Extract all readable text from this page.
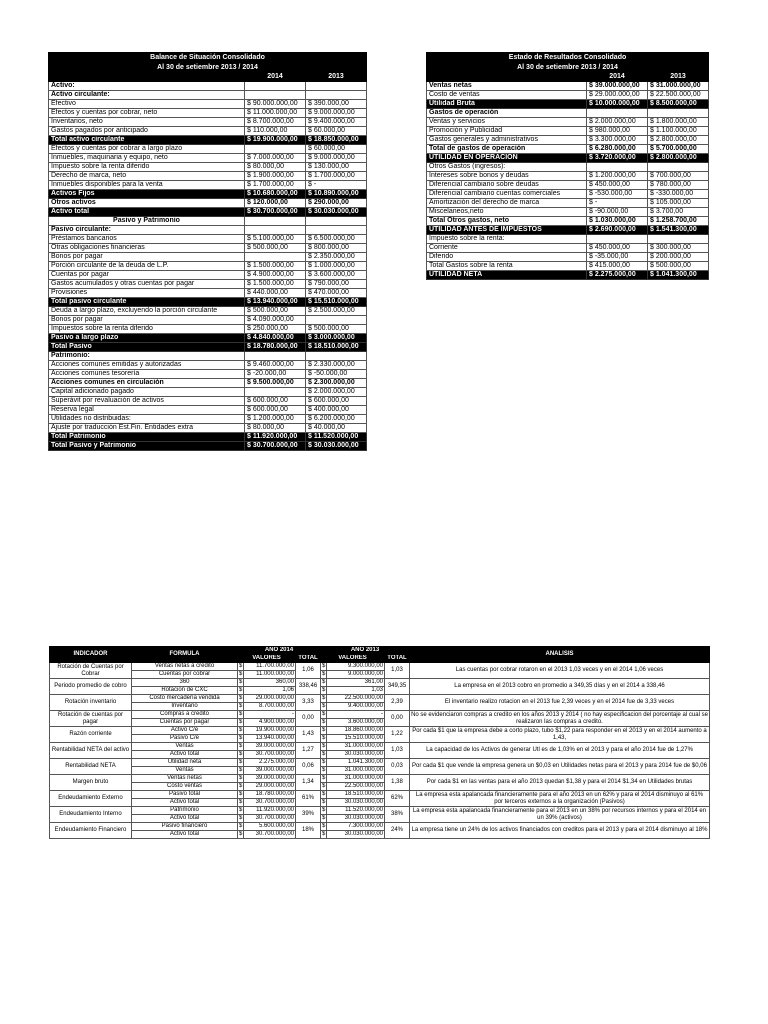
Balance de Situación Consolidado		
Al 30 de setiembre 2013 / 2014		
	2014	2013
Activo:		
Activo circulante:		
Efectivo	$ 90.000.000,00	$ 390.000,00
Efectos y cuentas por cobrar, neto	$ 11.000.000,00	$ 9.000.000,00
Inventarios, neto	$ 8.700.000,00	$ 9.400.000,00
Gastos pagados por anticipado	$ 110.000,00	$ 60.000,00
Total activo circulante	$ 19.900.000,00	$ 18.850.000,00
Efectos y cuentas por cobrar a largo plazo		$ 60.000,00
Inmuebles, maquinaria y equipo, neto	$ 7.000.000,00	$ 9.000.000,00
Impuesto sobre la renta diferido	$ 80.000,00	$ 130.000,00
Derecho de marca, neto	$ 1.900.000,00	$ 1.700.000,00
Inmuebles disponibles para la venta	$ 1.700.000,00	$ -
Activos Fijos	$ 10.680.000,00	$ 10.890.000,00
Otros activos	$ 120.000,00	$ 290.000,00
Activo total	$ 30.700.000,00	$ 30.030.000,00
Pasivo y Patrimonio		
Pasivo circulante:		
Préstamos bancarios	$ 5.100.000,00	$ 6.500.000,00
Otras obligaciones financieras	$ 500.000,00	$ 800.000,00
Bonos por pagar		$ 2.350.000,00
Porción circulante de la deuda de L.P.	$ 1.500.000,00	$ 1.000.000,00
Cuentas por pagar	$ 4.900.000,00	$ 3.600.000,00
Gastos acumulados y otras cuentas por pagar	$ 1.500.000,00	$ 790.000,00
Provisiones	$ 440.000,00	$ 470.000,00
Total pasivo circulante	$ 13.940.000,00	$ 15.510.000,00
Deuda a largo plazo, excluyendo la porción circulante	$ 500.000,00	$ 2.500.000,00
Bonos por pagar	$ 4.090.000,00	
Impuestos sobre la renta diferido	$ 250.000,00	$ 500.000,00
Pasivo a largo plazo	$ 4.840.000,00	$ 3.000.000,00
Total Pasivo	$ 18.780.000,00	$ 18.510.000,00
Patrimonio:		
Acciones comunes emitidas y autorizadas	$ 9.460.000,00	$ 2.330.000,00
Acciones comunes tesorería	$ -20.000,00	$ -50.000,00
Acciones comunes en circulación	$ 9.500.000,00	$ 2.300.000,00
Capital adicionado pagado		$ 2.000.000,00
Superávit por revaluación de activos	$ 600.000,00	$ 600.000,00
Reserva legal	$ 600.000,00	$ 400.000,00
Utilidades no distribuidas:	$ 1.200.000,00	$ 6.200.000,00
Ajuste por traducción Est.Fin. Entidades extra	$ 80.000,00	$ 40.000,00
Total Patrimonio	$ 11.920.000,00	$ 11.520.000,00
Total Pasivo y Patrimonio	$ 30.700.000,00	$ 30.030.000,00
Estado de Resultados Consolidado		
Al 30 de setiembre 2013 / 2014		
	2014	2013
Ventas netas	$ 39.000.000,00	$ 31.000.000,00
Costo de ventas	$ 29.000.000,00	$ 22.500.000,00
Utilidad Bruta	$ 10.000.000,00	$ 8.500.000,00
Gastos de operación		
Ventas y servicios	$ 2.000.000,00	$ 1.800.000,00
Promoción y Publicidad	$ 980.000,00	$ 1.100.000,00
Gastos generales y administrativos	$ 3.300.000,00	$ 2.800.000,00
Total de gastos de operación	$ 6.280.000,00	$ 5.700.000,00
UTILIDAD EN OPERACIÓN	$ 3.720.000,00	$ 2.800.000,00
Otros Gastos (ingresos):		
Intereses sobre bonos y deudas	$ 1.200.000,00	$ 700.000,00
Diferencial cambiario sobre deudas	$ 450.000,00	$ 780.000,00
Diferencial cambiario cuentas comerciales	$ -530.000,00	$ -330.000,00
Amortización del derecho de marca	$ -	$ 105.000,00
Miscelaneos,neto	$ -90.000,00	$ 3.700,00
Total Otros gastos, neto	$ 1.030.000,00	$ 1.258.700,00
UTILIDAD ANTES DE IMPUESTOS	$ 2.690.000,00	$ 1.541.300,00
Impuesto sobre la renta:		
Corriente	$ 450.000,00	$ 300.000,00
Diferido	$ -35.000,00	$ 200.000,00
Total Gastos sobre la renta	$ 415.000,00	$ 500.000,00
UTILIDAD NETA	$ 2.275.000,00	$ 1.041.300,00
INDICADOR	FORMULA	AÑO 2014			AÑO 2013			ANALISIS
		VALORES		TOTAL	VALORES		TOTAL	
Rotación de Cuentas por Cobrar	Ventas netas a credito	$	11.700.000,00	1,06	$	9.300.000,00	1,03	Las cuentas por cobrar rotaron en el 2013 1,03 veces y en el 2014 1,06 veces
	Cuentas por cobrar	$	11.000.000,00		$	9.000.000,00		
Periodo promedio de cobro	360	$	360,00	338,46	$	361,00	349,35	La empresa en el 2013 cobro en promedio a 349,35 días y en el 2014 a 338,46
	Rotacion de CXC	$	1,06		$	1,03		
Rotación inventario	Costo mercadería vendida	$	29.000.000,00	3,33	$	22.500.000,00	2,39	El inventario realizo rotacion en el 2013 fue 2,39 veces y en el 2014 fue de 3,33 veces
	Inventario	$	8.700.000,00		$	9.400.000,00		
Rotación de cuentas por pagar	Compras a credito	$	-	0,00	$	-	0,00	No se evidenciaron compras a credito en los años 2013 y 2014 ( no hay especificacion del porcentaje al cual se realizaron las compras a credito.
	Cuentas por pagar	$	4.900.000,00		$	3.600.000,00		
Razón corriente	Activo C/e	$	19.900.000,00	1,43	$	18.860.000,00	1,22	Por cada $1 que la empresa debe a corto plazo, tubo $1,22 para responder en el 2013 y en el 2014 aumento a 1,43,
	Pasivo C/e	$	13.940.000,00		$	15.510.000,00		
Rentabilidad NETA del activo	Ventas	$	39.000.000,00	1,27	$	31.000.000,00	1,03	La capacidad de los Activos de generar Utl es de 1,03% en el 2013 y para el año 2014 fue de 1,27%
	Activo total	$	30.700.000,00		$	30.030.000,00		
Rentabilidad NETA	Utilidad neta	$	2.275.000,00	0,06	$	1.041.300,00	0,03	Por cada $1 que vende la empresa genera un $0,03 en Utilidades netas para el 2013 y para 2014 fue de $0,06
	Ventas	$	39.000.000,00		$	31.000.000,00		
Margen bruto	Ventas netas	$	39.000.000,00	1,34	$	31.000.000,00	1,38	Por cada $1 en las ventas para el año 2013 quedan $1,38 y para el 2014 $1,34 en Utilidades brutas
	Costo ventas	$	29.000.000,00		$	22.500.000,00		
Endeudamiento Externo	Pasivo total	$	18.780.000,00	61%	$	18.510.000,00	62%	La empresa esta apalancada financieramente para el año 2013 en un 62% y para el 2014 disminuyo al 61% por terceros externos a la organización (Pasivos)
	Activo total	$	30.700.000,00		$	30.030.000,00		
Endeudamiento Interno	Patrimonio	$	11.920.000,00	39%	$	11.520.000,00	38%	La empresa esta apalancada financieramente para el 2013 en un 38% por recursos internos y para el 2014 en un 39% (activos)
	Activo total	$	30.700.000,00		$	30.030.000,00		
Endeudamiento Financiero	Pasivo financiero	$	5.600.000,00	18%	$	7.300.000,00	24%	La empresa tiene un 24% de los activos financiados con creditos para el 2013 y para el 2014 disminuyo al 18%
	Activo total	$	30.700.000,00		$	30.030.000,00		
